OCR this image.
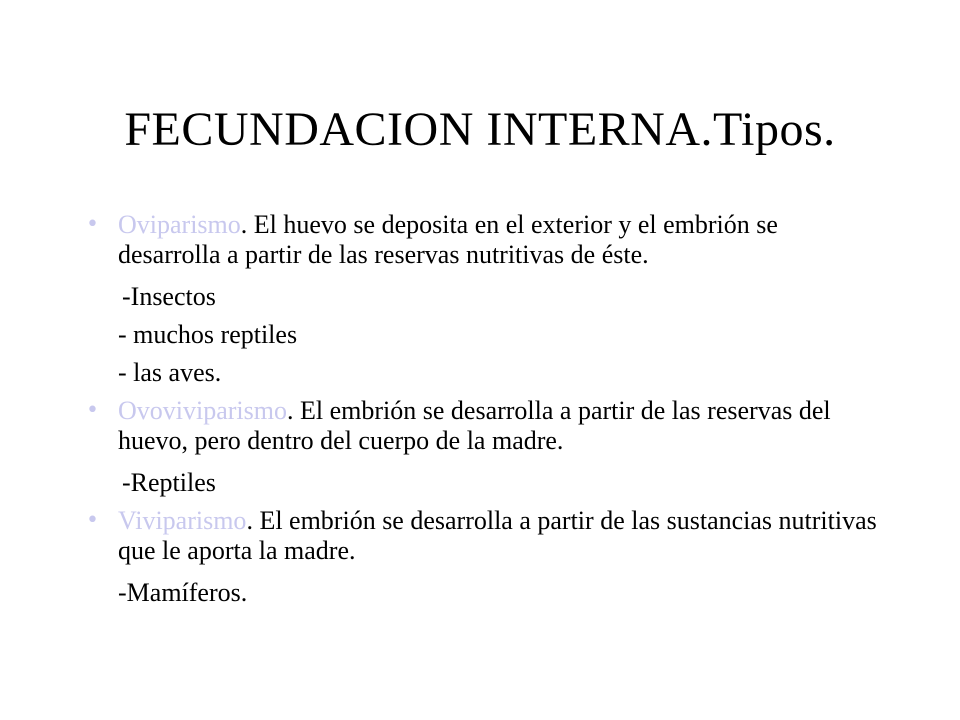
FECUNDACION INTERNA.Tipos.

• Oviparismo. El huevo se deposita en el exterior y el embrión se desarrolla a partir de las reservas nutritivas de éste.

-Insectos

- muchos reptiles

- las aves.

• Ovoviviparismo. El embrión se desarrolla a partir de las reservas del huevo, pero dentro del cuerpo de la madre.

-Reptiles

• Viviparismo. El embrión se desarrolla a partir de las sustancias nutritivas que le aporta la madre.

-Mamíferos.
